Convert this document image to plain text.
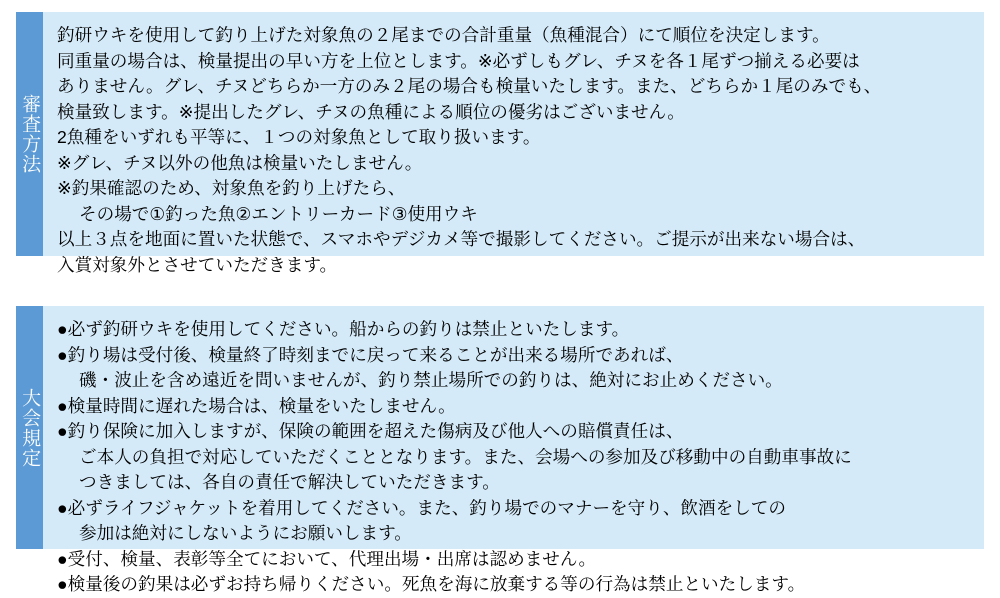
審査方法
釣研ウキを使用して釣り上げた対象魚の２尾までの合計重量（魚種混合）にて順位を決定します。
同重量の場合は、検量提出の早い方を上位とします。※必ずしもグレ、チヌを各１尾ずつ揃える必要は
ありません。グレ、チヌどちらか一方のみ２尾の場合も検量いたします。また、どちらか１尾のみでも、
検量致します。※提出したグレ、チヌの魚種による順位の優劣はございません。
2魚種をいずれも平等に、１つの対象魚として取り扱います。
※グレ、チヌ以外の他魚は検量いたしません。
※釣果確認のため、対象魚を釣り上げたら、
その場で①釣った魚②エントリーカード③使用ウキ
以上３点を地面に置いた状態で、スマホやデジカメ等で撮影してください。ご提示が出来ない場合は、
入賞対象外とさせていただきます。
大会規定
●必ず釣研ウキを使用してください。船からの釣りは禁止といたします。
●釣り場は受付後、検量終了時刻までに戻って来ることが出来る場所であれば、
磯・波止を含め遠近を問いませんが、釣り禁止場所での釣りは、絶対にお止めください。
●検量時間に遅れた場合は、検量をいたしません。
●釣り保険に加入しますが、保険の範囲を超えた傷病及び他人への賠償責任は、
ご本人の負担で対応していただくこととなります。また、会場への参加及び移動中の自動車事故に
つきましては、各自の責任で解決していただきます。
●必ずライフジャケットを着用してください。また、釣り場でのマナーを守り、飲酒をしての
参加は絶対にしないようにお願いします。
●受付、検量、表彰等全てにおいて、代理出場・出席は認めません。
●検量後の釣果は必ずお持ち帰りください。死魚を海に放棄する等の行為は禁止といたします。
